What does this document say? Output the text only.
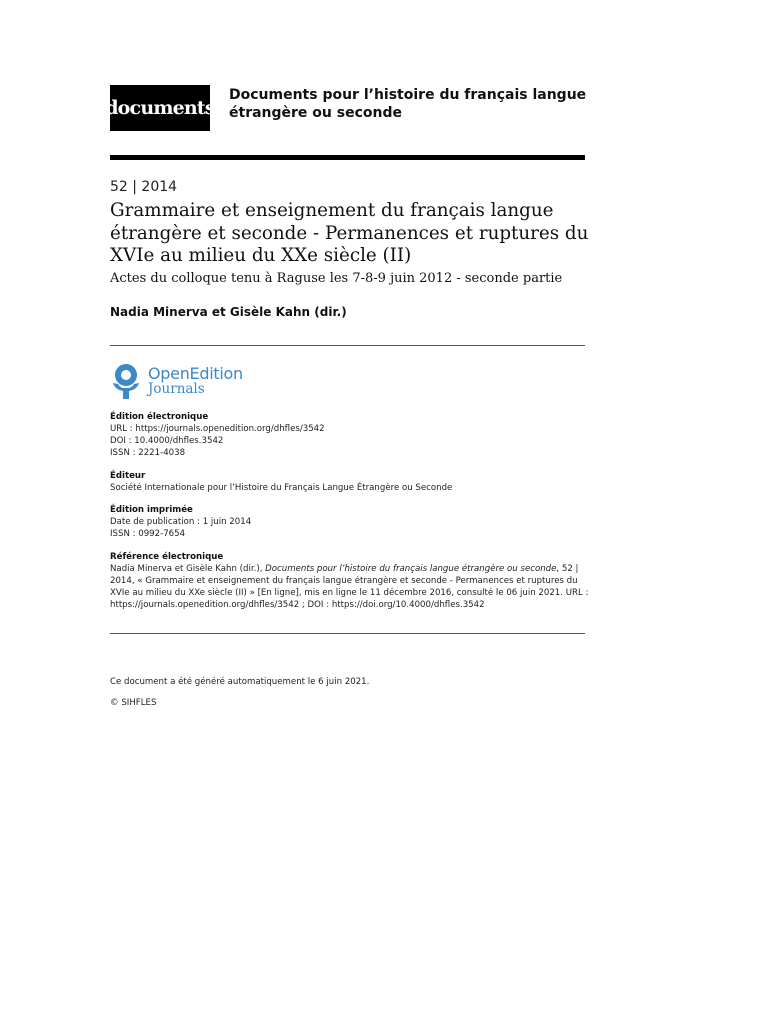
documents
Documents pour l’histoire du français langue étrangère ou seconde
52 | 2014
Grammaire et enseignement du français langue étrangère et seconde - Permanences et ruptures du XVIe au milieu du XXe siècle (II)
Actes du colloque tenu à Raguse les 7-8-9 juin 2012 - seconde partie
Nadia Minerva et Gisèle Kahn (dir.)
OpenEdition
Journals
Édition électronique
URL : https://journals.openedition.org/dhfles/3542
DOI : 10.4000/dhfles.3542
ISSN : 2221-4038
Éditeur
Société Internationale pour l’Histoire du Français Langue Étrangère ou Seconde
Édition imprimée
Date de publication : 1 juin 2014
ISSN : 0992-7654
Référence électronique
Nadia Minerva et Gisèle Kahn (dir.), Documents pour l’histoire du français langue étrangère ou seconde, 52 | 2014, « Grammaire et enseignement du français langue étrangère et seconde - Permanences et ruptures du XVIe au milieu du XXe siècle (II) » [En ligne], mis en ligne le 11 décembre 2016, consulté le 06 juin 2021. URL : https://journals.openedition.org/dhfles/3542 ; DOI : https://doi.org/10.4000/dhfles.3542
Ce document a été généré automatiquement le 6 juin 2021.
© SIHFLES
